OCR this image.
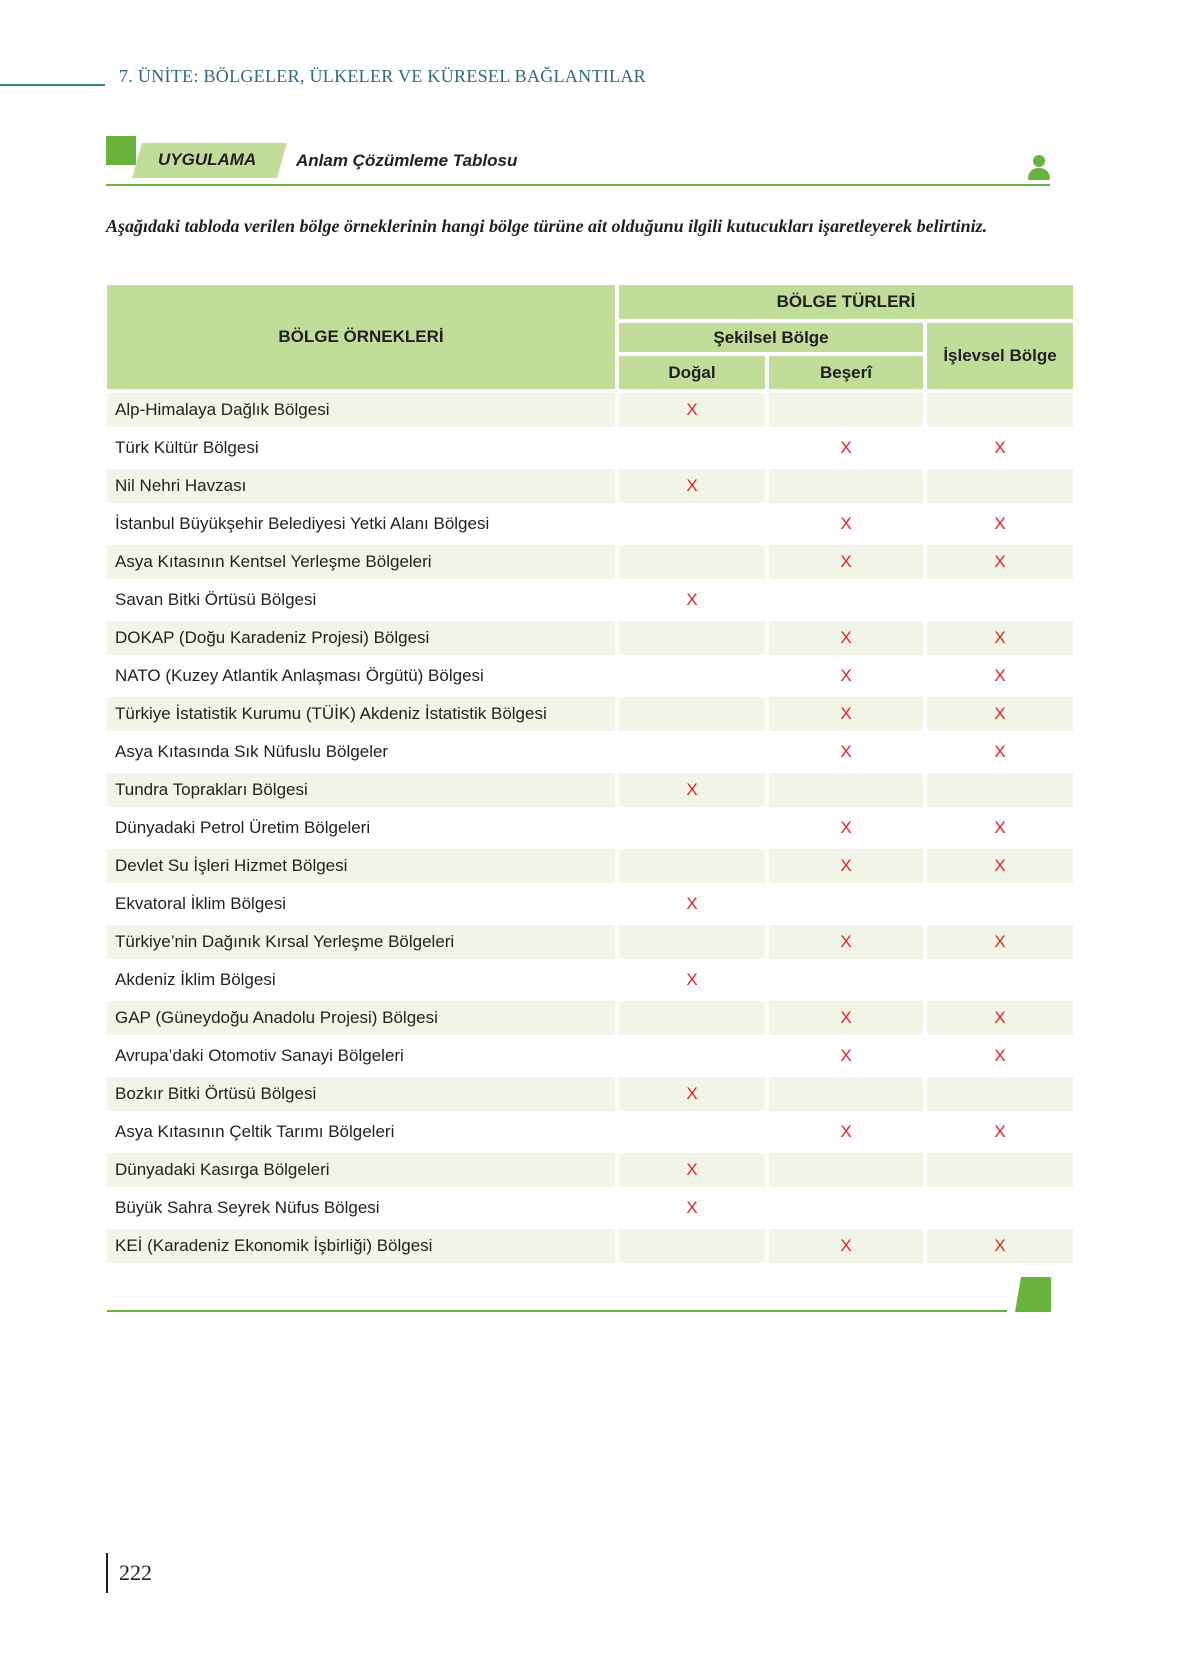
7. ÜNİTE: BÖLGELER, ÜLKELER VE KÜRESEL BAĞLANTILAR
UYGULAMA Anlam Çözümleme Tablosu
Aşağıdaki tabloda verilen bölge örneklerinin hangi bölge türüne ait olduğunu ilgili kutucukları işaretleyerek belirtiniz.
BÖLGE ÖRNEKLERİ	BÖLGE TÜRLERİ		
	Şekilsel Bölge		İşlevsel Bölge
	Doğal	Beşerî	
Alp-Himalaya Dağlık Bölgesi	X		
Türk Kültür Bölgesi		X	X
Nil Nehri Havzası	X		
İstanbul Büyükşehir Belediyesi Yetki Alanı Bölgesi		X	X
Asya Kıtasının Kentsel Yerleşme Bölgeleri		X	X
Savan Bitki Örtüsü Bölgesi	X		
DOKAP (Doğu Karadeniz Projesi) Bölgesi		X	X
NATO (Kuzey Atlantik Anlaşması Örgütü) Bölgesi		X	X
Türkiye İstatistik Kurumu (TÜİK) Akdeniz İstatistik Bölgesi		X	X
Asya Kıtasında Sık Nüfuslu Bölgeler		X	X
Tundra Toprakları Bölgesi	X		
Dünyadaki Petrol Üretim Bölgeleri		X	X
Devlet Su İşleri Hizmet Bölgesi		X	X
Ekvatoral İklim Bölgesi	X		
Türkiye’nin Dağınık Kırsal Yerleşme Bölgeleri		X	X
Akdeniz İklim Bölgesi	X		
GAP (Güneydoğu Anadolu Projesi) Bölgesi		X	X
Avrupa’daki Otomotiv Sanayi Bölgeleri		X	X
Bozkır Bitki Örtüsü Bölgesi	X		
Asya Kıtasının Çeltik Tarımı Bölgeleri		X	X
Dünyadaki Kasırga Bölgeleri	X		
Büyük Sahra Seyrek Nüfus Bölgesi	X		
KEİ (Karadeniz Ekonomik İşbirliği) Bölgesi		X	X
222
